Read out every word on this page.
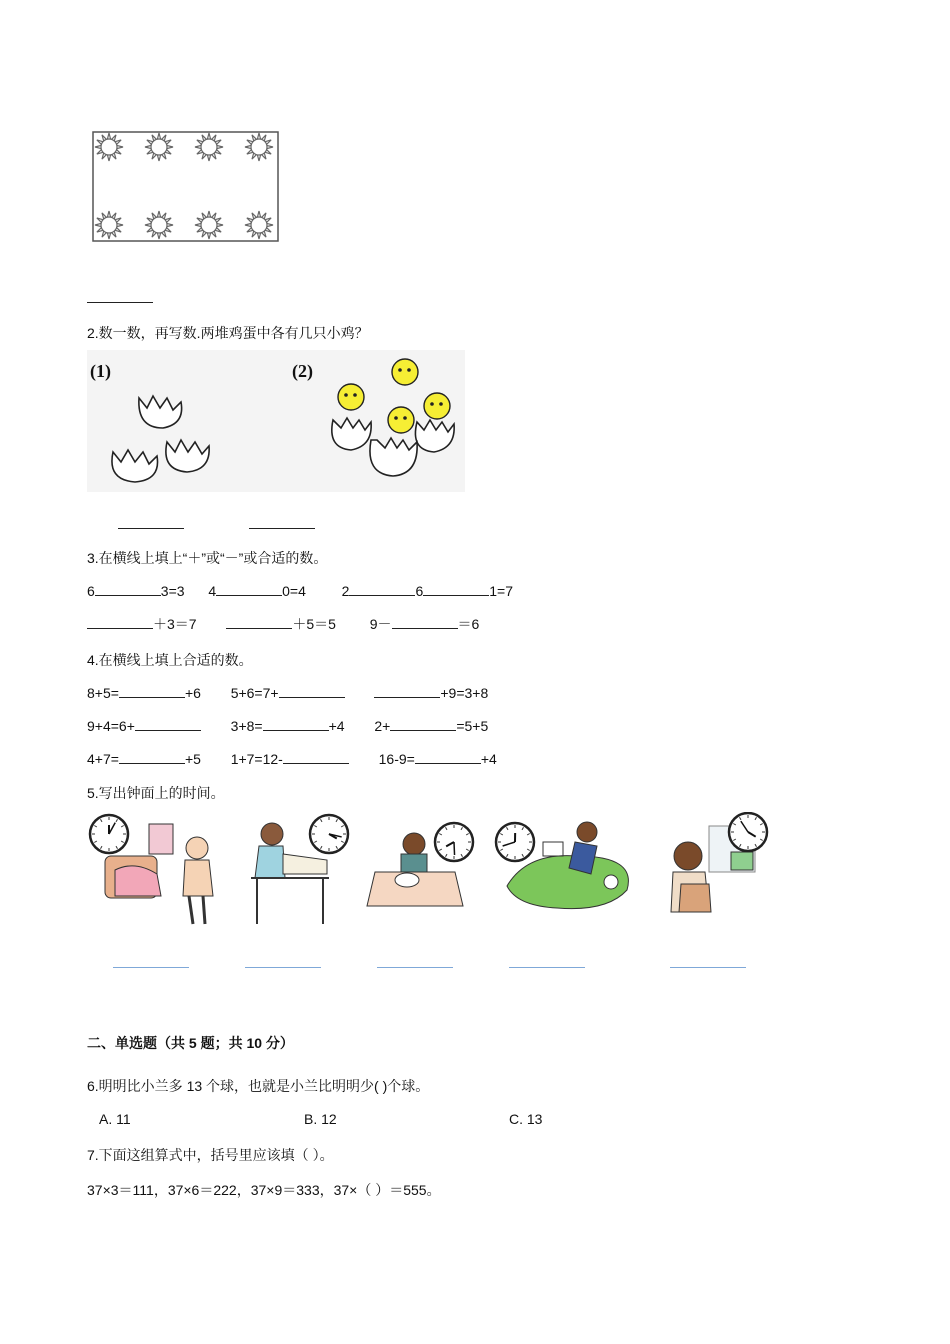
2.数一数，再写数.两堆鸡蛋中各有几只小鸡？
(1)	(2)
3.在横线上填上“＋”或“－”或合适的数。
6	3=3 4	0=4	2	6	1=7
＋3＝7	＋5＝5 9－	＝6
4.在横线上填上合适的数。
8+5=	+6 5+6=7+	+9=3+8
9+4=6+	3+8=	+4 2+	=5+5
4+7=	+5 1+7=12-	16-9=	+4
5.写出钟面上的时间。
二、单选题（共 5 题；共 10 分）
6.明明比小兰多 13 个球，也就是小兰比明明少( )个球。
A. 11	B. 12	C. 13
7.下面这组算式中，括号里应该填（ ）。
37×3＝111，37×6＝222，37×9＝333，37×（ ）＝555。
